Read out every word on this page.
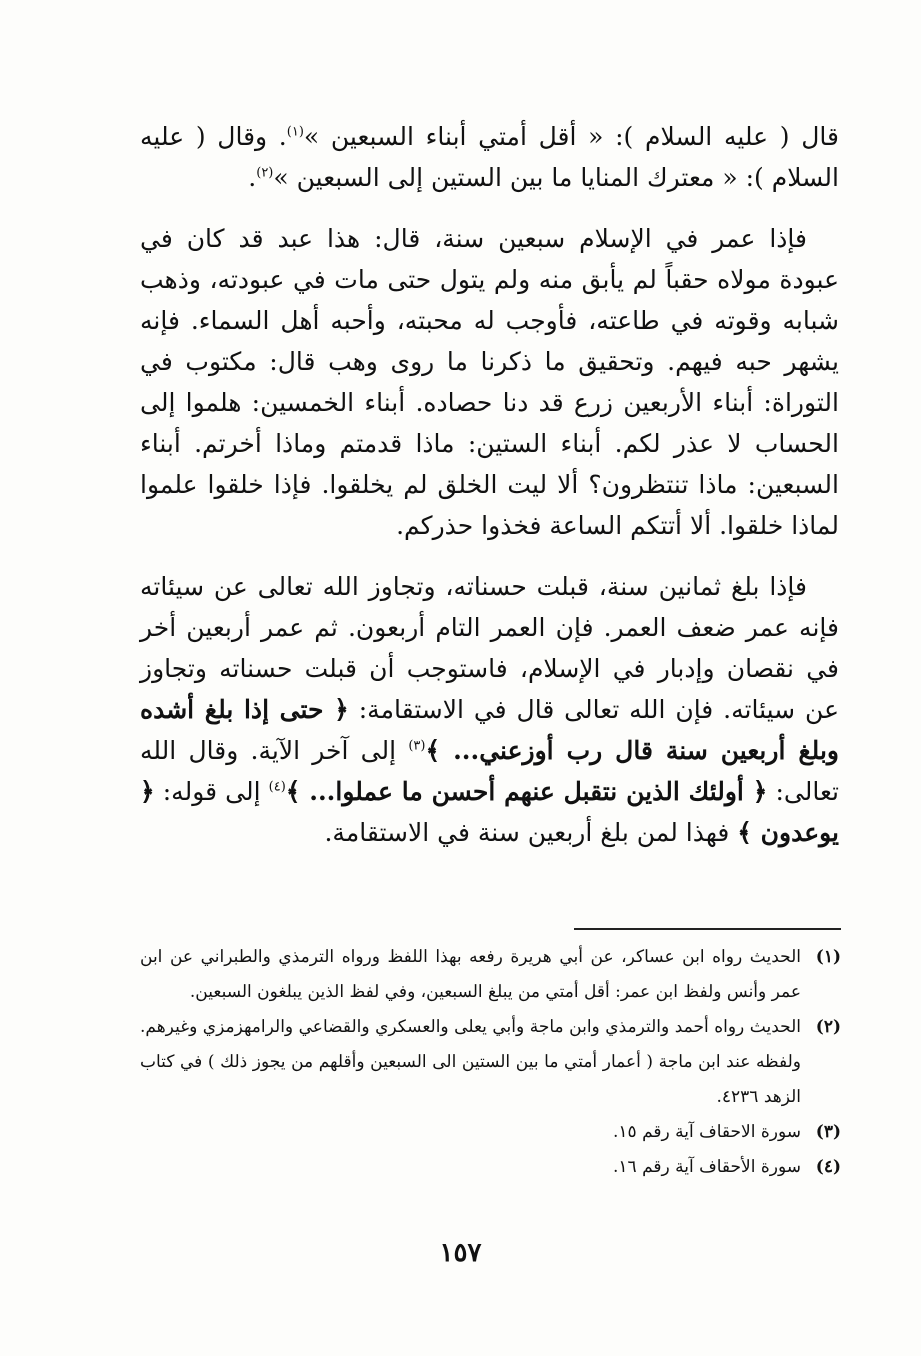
قال ( عليه السلام ): « أقل أمتي أبناء السبعين »$^{(١)}$. وقال ( عليه السلام ): « معترك المنايا ما بين الستين إلى السبعين »$^{(٢)}$.

فإذا عمر في الإسلام سبعين سنة، قال: هذا عبد قد كان في عبودة مولاه حقباً لم يأبق منه ولم يتول حتى مات في عبودته، وذهب شبابه وقوته في طاعته، فأوجب له محبته، وأحبه أهل السماء. فإنه يشهر حبه فيهم. وتحقيق ما ذكرنا ما روى وهب قال: مكتوب في التوراة: أبناء الأربعين زرع قد دنا حصاده. أبناء الخمسين: هلموا إلى الحساب لا عذر لكم. أبناء الستين: ماذا قدمتم وماذا أخرتم. أبناء السبعين: ماذا تنتظرون؟ ألا ليت الخلق لم يخلقوا. فإذا خلقوا علموا لماذا خلقوا. ألا أتتكم الساعة فخذوا حذركم.

فإذا بلغ ثمانين سنة، قبلت حسناته، وتجاوز الله تعالى عن سيئاته فإنه عمر ضعف العمر. فإن العمر التام أربعون. ثم عمر أربعين أخر في نقصان وإدبار في الإسلام، فاستوجب أن قبلت حسناته وتجاوز عن سيئاته. فإن الله تعالى قال في الاستقامة: ﴿ حتى إذا بلغ أشده وبلغ أربعين سنة قال رب أوزعني... ﴾$^{(٣)}$ إلى آخر الآية. وقال الله تعالى: ﴿ أولئك الذين نتقبل عنهم أحسن ما عملوا... ﴾$^{(٤)}$ إلى قوله: ﴿ يوعدون ﴾ فهذا لمن بلغ أربعين سنة في الاستقامة.

(١)
الحديث رواه ابن عساكر، عن أبي هريرة رفعه بهذا اللفظ ورواه الترمذي والطبراني عن ابن عمر وأنس ولفظ ابن عمر: أقل أمتي من يبلغ السبعين، وفي لفظ الذين يبلغون السبعين.
(٢)
الحديث رواه أحمد والترمذي وابن ماجة وأبي يعلى والعسكري والقضاعي والرامهزمزي وغيرهم. ولفظه عند ابن ماجة ( أعمار أمتي ما بين الستين الى السبعين وأقلهم من يجوز ذلك ) في كتاب الزهد ٤٢٣٦.
(٣)
سورة الاحقاف آية رقم ١٥.
(٤)
سورة الأحقاف آية رقم ١٦.
١٥٧
